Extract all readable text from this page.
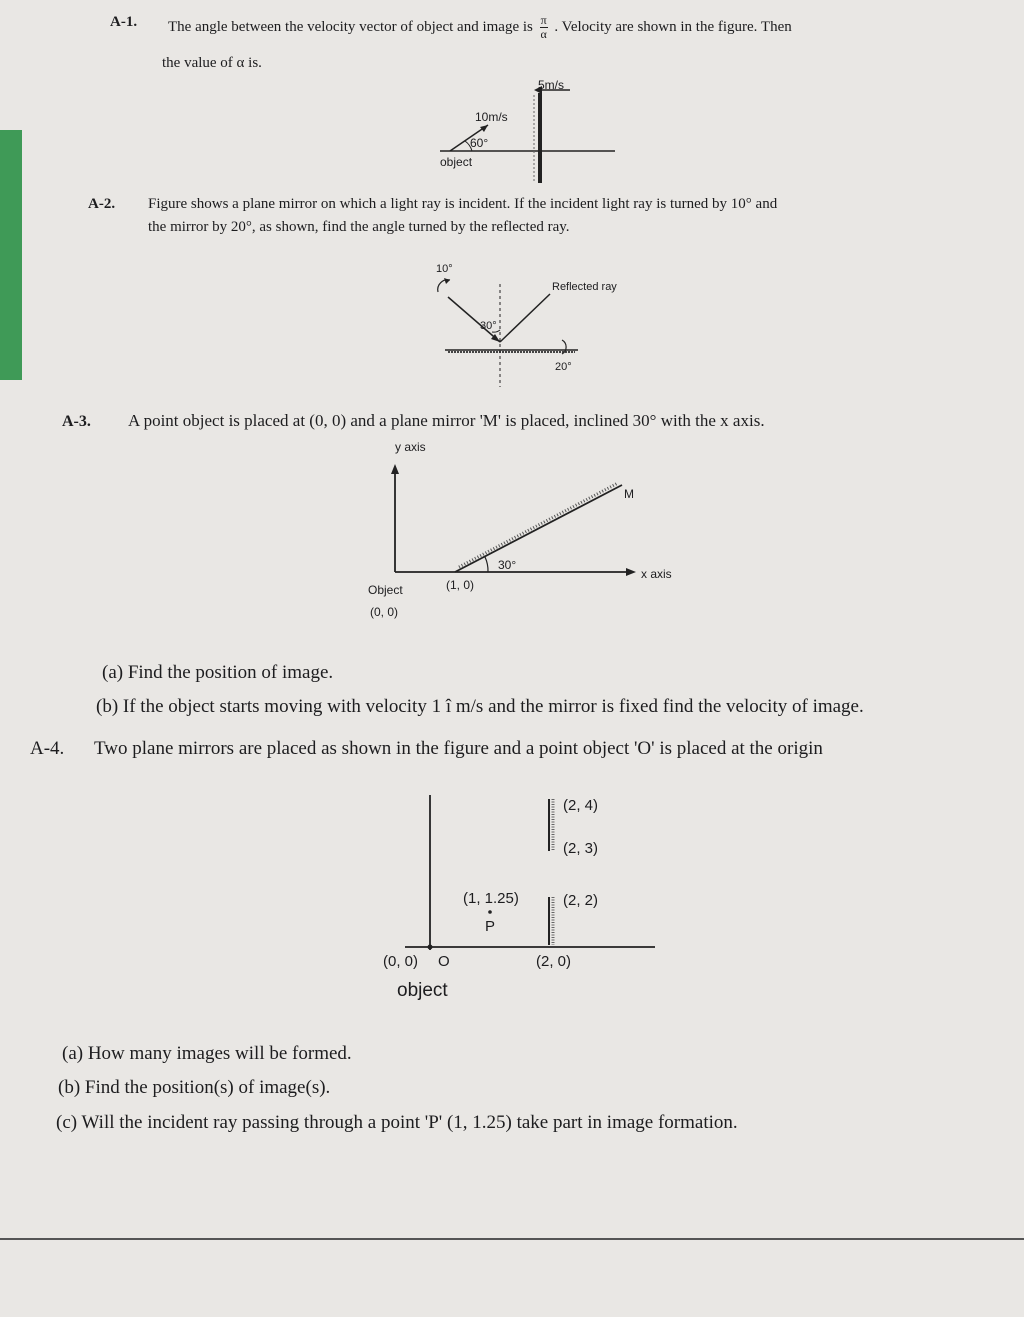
A-1. The angle between the velocity vector of object and image is $\frac{\pi}{\alpha}$ . Velocity are shown in the figure. Then
the value of α is.
10m/s
60°
5m/s
object
A-2. Figure shows a plane mirror on which a light ray is incident. If the incident light ray is turned by 10° and
the mirror by 20°, as shown, find the angle turned by the reflected ray.
10°
30°
Reflected ray
20°
A-3. A point object is placed at (0, 0) and a plane mirror 'M' is placed, inclined 30° with the x axis.
y axis
x axis
M
30°
Object
(0, 0)
(1, 0)
(a) Find the position of image.
(b) If the object starts moving with velocity 1 î m/s and the mirror is fixed find the velocity of image.
A-4. Two plane mirrors are placed as shown in the figure and a point object 'O' is placed at the origin
(2, 4)
(2, 3)
(2, 2)
(2, 0)
(1, 1.25)
P
(0, 0) O
object
(a) How many images will be formed.
(b) Find the position(s) of image(s).
(c) Will the incident ray passing through a point 'P' (1, 1.25) take part in image formation.
